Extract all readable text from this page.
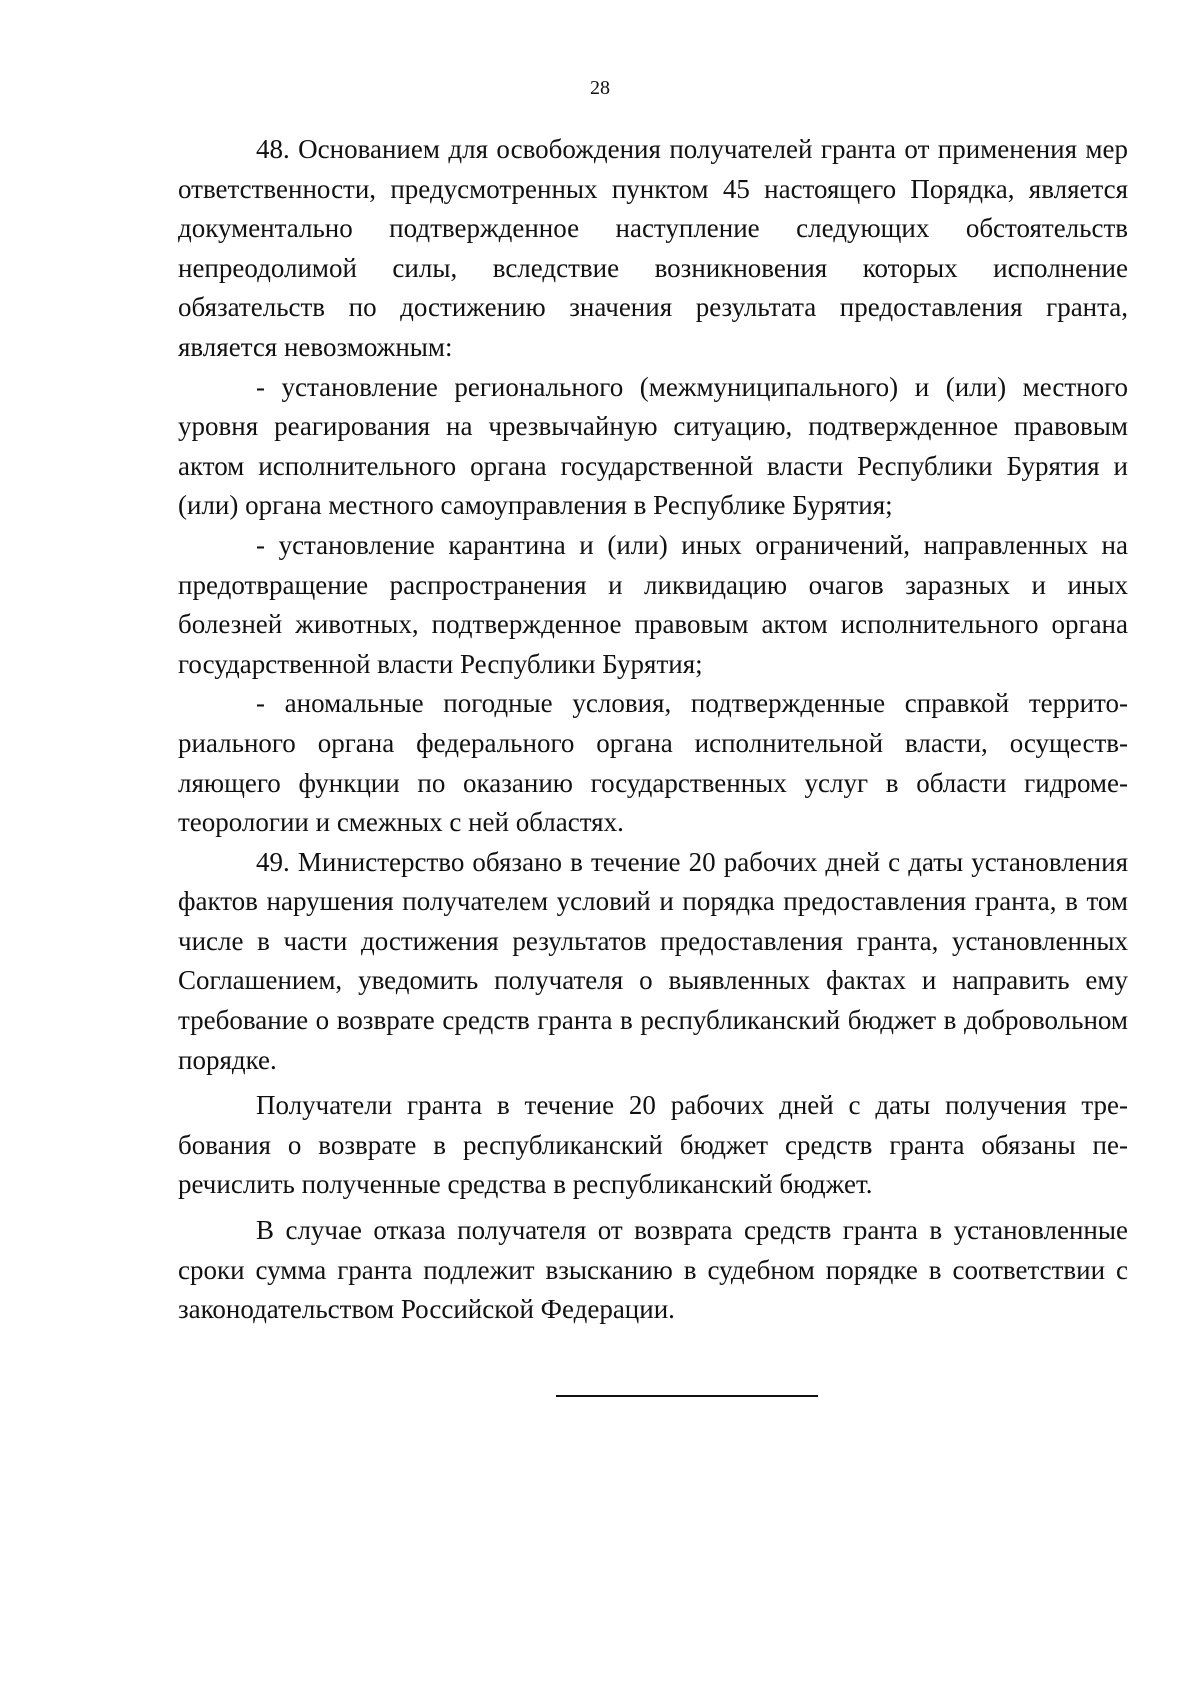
28

48. Основанием для освобождения получателей гранта от применения мер ответственности, предусмотренных пунктом 45 настоящего Порядка, является документально подтвержденное наступление следующих обстоятельств непреодолимой силы, вследствие возникновения которых исполнение обязательств по достижению значения результата предоставления гранта, является невозможным:

- установление регионального (межмуниципального) и (или) местного уровня реагирования на чрезвычайную ситуацию, подтвержденное правовым актом исполнительного органа государственной власти Республики Бурятия и (или) органа местного самоуправления в Республике Бурятия;

- установление карантина и (или) иных ограничений, направленных на предотвращение распространения и ликвидацию очагов заразных и иных болезней животных, подтвержденное правовым актом исполнительного органа государственной власти Республики Бурятия;

- аномальные погодные условия, подтвержденные справкой территориального органа федерального органа исполнительной власти, осуществляющего функции по оказанию государственных услуг в области гидрометеорологии и смежных с ней областях.

49. Министерство обязано в течение 20 рабочих дней с даты установления фактов нарушения получателем условий и порядка предоставления гранта, в том числе в части достижения результатов предоставления гранта, установленных Соглашением, уведомить получателя о выявленных фактах и направить ему требование о возврате средств гранта в республиканский бюджет в добровольном порядке.

Получатели гранта в течение 20 рабочих дней с даты получения требования о возврате в республиканский бюджет средств гранта обязаны перечислить полученные средства в республиканский бюджет.

В случае отказа получателя от возврата средств гранта в установленные сроки сумма гранта подлежит взысканию в судебном порядке в соответствии с законодательством Российской Федерации.
